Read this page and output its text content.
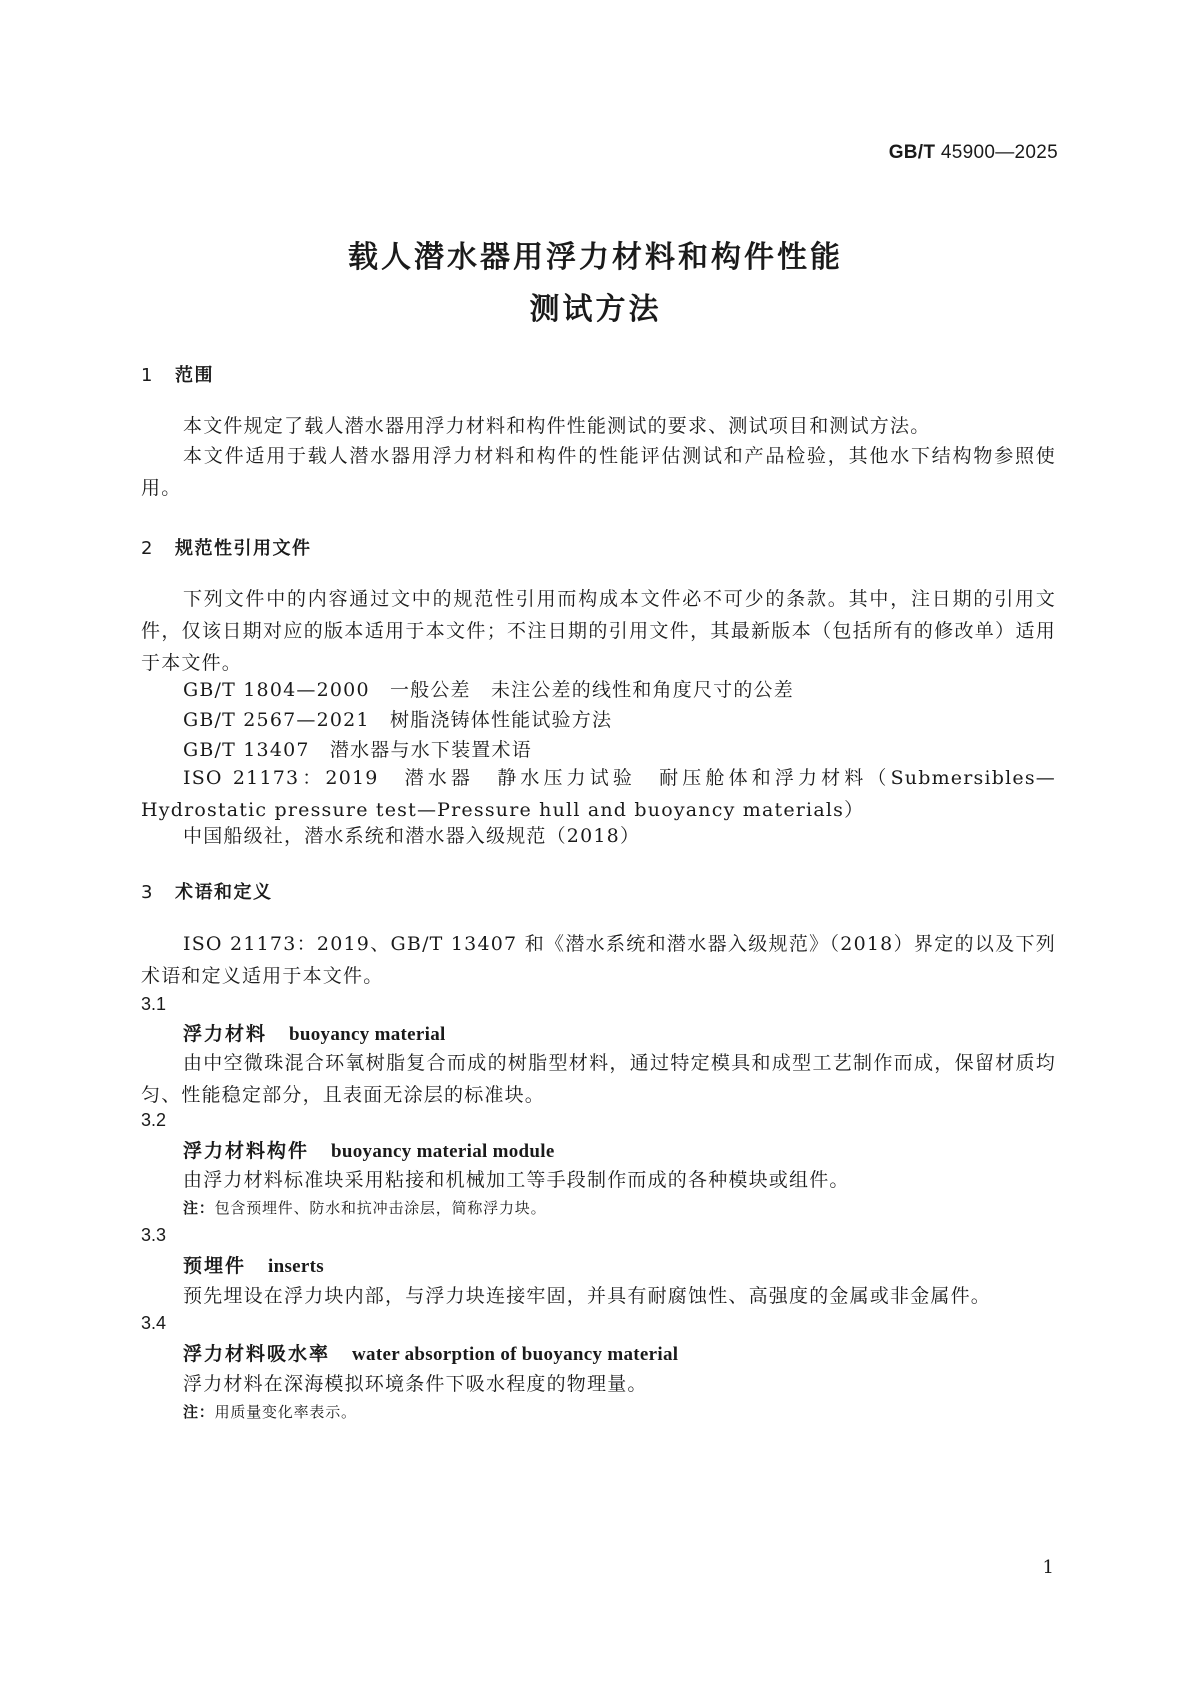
GB/T 45900—2025
载人潜水器用浮力材料和构件性能
测试方法
1 范围
本文件规定了载人潜水器用浮力材料和构件性能测试的要求、测试项目和测试方法。
本文件适用于载人潜水器用浮力材料和构件的性能评估测试和产品检验，其他水下结构物参照使用。
2 规范性引用文件
下列文件中的内容通过文中的规范性引用而构成本文件必不可少的条款。其中，注日期的引用文件，仅该日期对应的版本适用于本文件；不注日期的引用文件，其最新版本（包括所有的修改单）适用于本文件。
GB/T 1804—2000　一般公差　未注公差的线性和角度尺寸的公差
GB/T 2567—2021　树脂浇铸体性能试验方法
GB/T 13407　潜水器与水下装置术语
ISO 21173：2019　潜水器　静水压力试验　耐压舱体和浮力材料（Submersibles—Hydrostatic pressure test—Pressure hull and buoyancy materials）
中国船级社，潜水系统和潜水器入级规范（2018）
3 术语和定义
ISO 21173：2019、GB/T 13407 和《潜水系统和潜水器入级规范》（2018）界定的以及下列术语和定义适用于本文件。
3.1
浮力材料 buoyancy material
由中空微珠混合环氧树脂复合而成的树脂型材料，通过特定模具和成型工艺制作而成，保留材质均匀、性能稳定部分，且表面无涂层的标准块。
3.2
浮力材料构件 buoyancy material module
由浮力材料标准块采用粘接和机械加工等手段制作而成的各种模块或组件。
注：包含预埋件、防水和抗冲击涂层，简称浮力块。
3.3
预埋件 inserts
预先埋设在浮力块内部，与浮力块连接牢固，并具有耐腐蚀性、高强度的金属或非金属件。
3.4
浮力材料吸水率 water absorption of buoyancy material
浮力材料在深海模拟环境条件下吸水程度的物理量。
注：用质量变化率表示。
1
